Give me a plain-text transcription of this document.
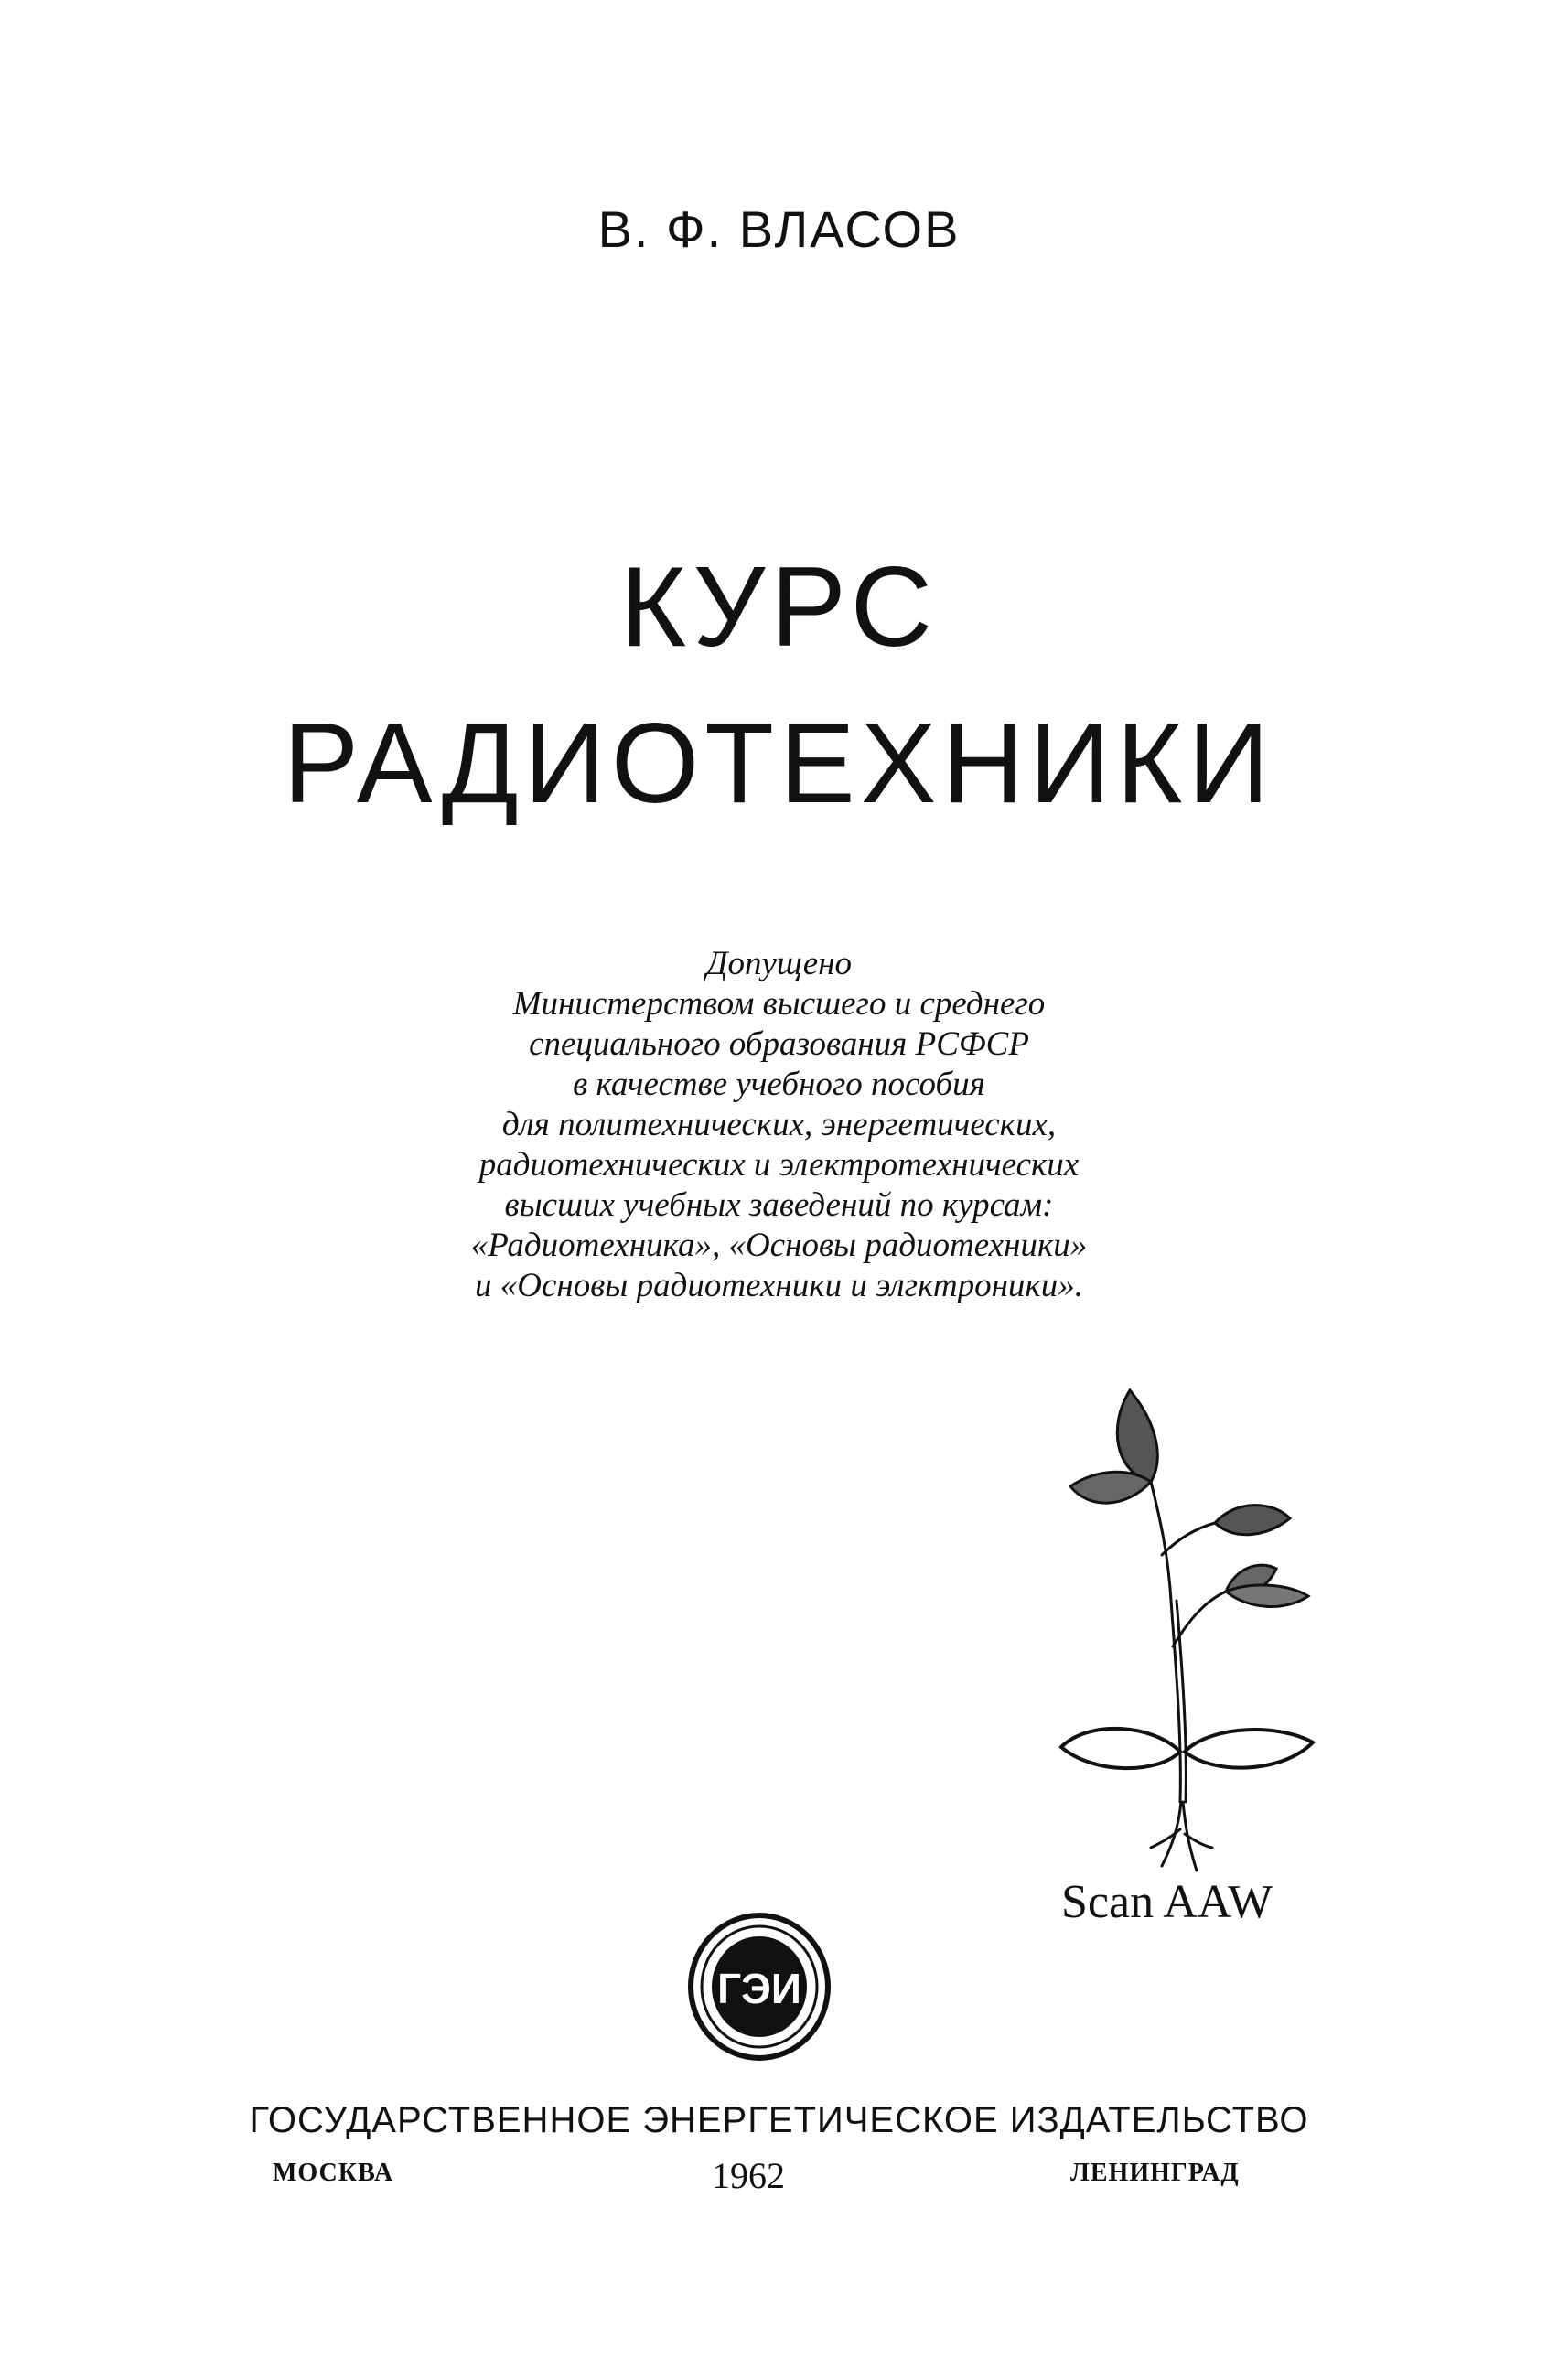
В. Ф. ВЛАСОВ
КУРС
РАДИОТЕХНИКИ
Допущено
Министерством высшего и среднего
специального образования РСФСР
в качестве учебного пособия
для политехнических, энергетических,
радиотехнических и электротехнических
высших учебных заведений по курсам:
«Радиотехника», «Основы радиотехники»
и «Основы радиотехники и элгктроники».
Scan AAW
ГЭИ
ГОСУДАРСТВЕННОЕ ЭНЕРГЕТИЧЕСКОЕ ИЗДАТЕЛЬСТВО
МОСКВА	1962	ЛЕНИНГРАД
